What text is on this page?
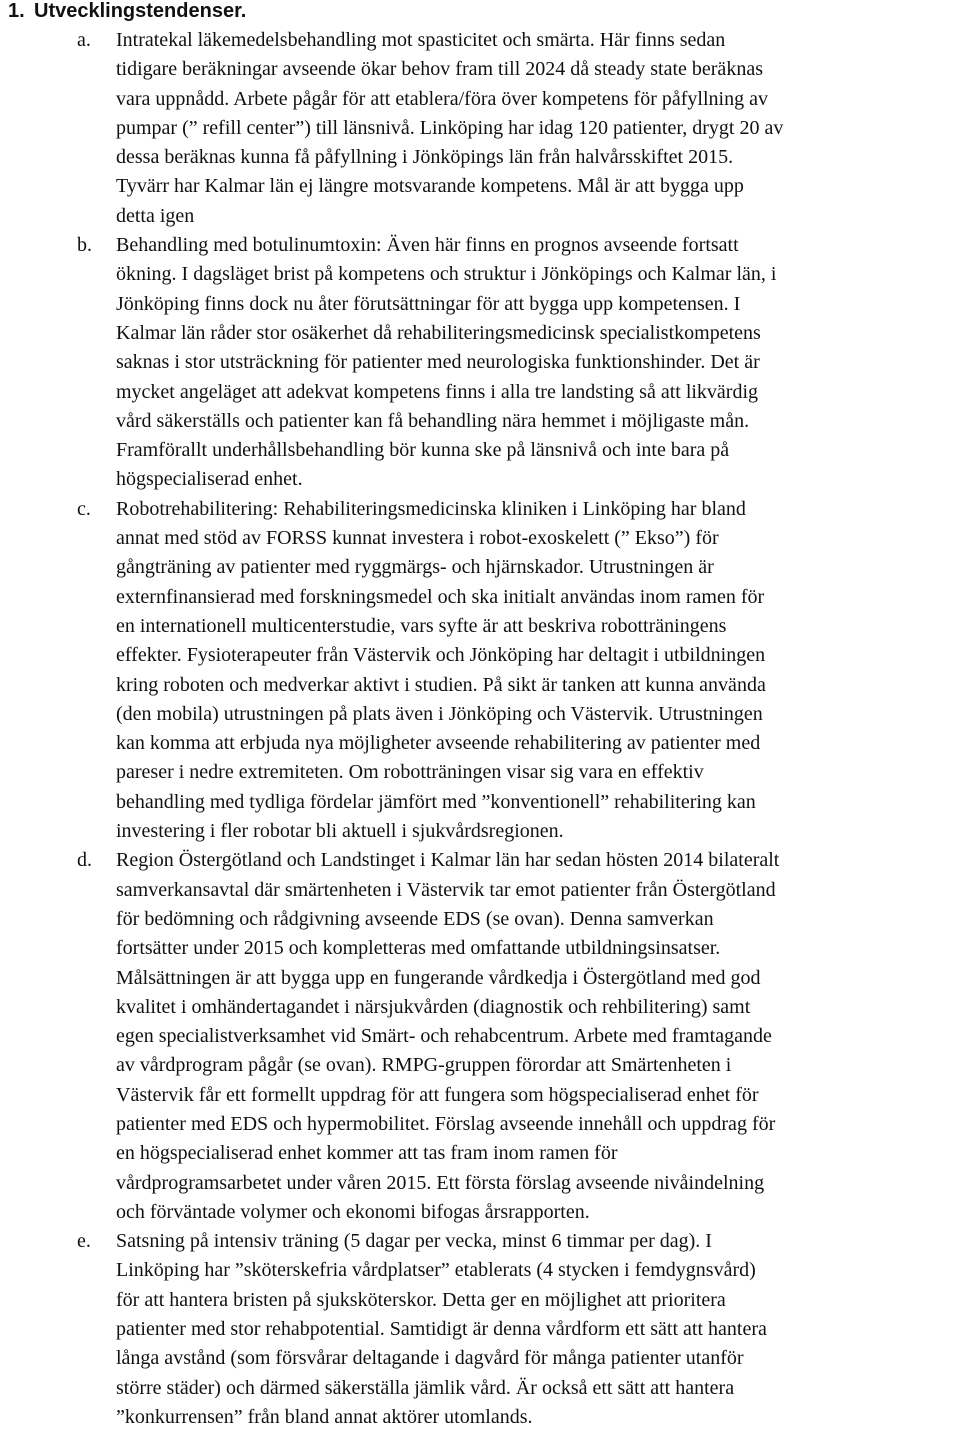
1. Utvecklingstendenser.
a. Intratekal läkemedelsbehandling mot spasticitet och smärta. Här finns sedan
tidigare beräkningar avseende ökar behov fram till 2024 då steady state beräknas
vara uppnådd. Arbete pågår för att etablera/föra över kompetens för påfyllning av
pumpar (” refill center”) till länsnivå. Linköping har idag 120 patienter, drygt 20 av
dessa beräknas kunna få påfyllning i Jönköpings län från halvårsskiftet 2015.
Tyvärr har Kalmar län ej längre motsvarande kompetens. Mål är att bygga upp
detta igen
b. Behandling med botulinumtoxin: Även här finns en prognos avseende fortsatt
ökning. I dagsläget brist på kompetens och struktur i Jönköpings och Kalmar län, i
Jönköping finns dock nu åter förutsättningar för att bygga upp kompetensen. I
Kalmar län råder stor osäkerhet då rehabiliteringsmedicinsk specialistkompetens
saknas i stor utsträckning för patienter med neurologiska funktionshinder. Det är
mycket angeläget att adekvat kompetens finns i alla tre landsting så att likvärdig
vård säkerställs och patienter kan få behandling nära hemmet i möjligaste mån.
Framförallt underhållsbehandling bör kunna ske på länsnivå och inte bara på
högspecialiserad enhet.
c. Robotrehabilitering: Rehabiliteringsmedicinska kliniken i Linköping har bland
annat med stöd av FORSS kunnat investera i robot-exoskelett (” Ekso”) för
gångträning av patienter med ryggmärgs- och hjärnskador. Utrustningen är
externfinansierad med forskningsmedel och ska initialt användas inom ramen för
en internationell multicenterstudie, vars syfte är att beskriva robotträningens
effekter. Fysioterapeuter från Västervik och Jönköping har deltagit i utbildningen
kring roboten och medverkar aktivt i studien. På sikt är tanken att kunna använda
(den mobila) utrustningen på plats även i Jönköping och Västervik. Utrustningen
kan komma att erbjuda nya möjligheter avseende rehabilitering av patienter med
pareser i nedre extremiteten. Om robotträningen visar sig vara en effektiv
behandling med tydliga fördelar jämfört med ”konventionell” rehabilitering kan
investering i fler robotar bli aktuell i sjukvårdsregionen.
d. Region Östergötland och Landstinget i Kalmar län har sedan hösten 2014 bilateralt
samverkansavtal där smärtenheten i Västervik tar emot patienter från Östergötland
för bedömning och rådgivning avseende EDS (se ovan). Denna samverkan
fortsätter under 2015 och kompletteras med omfattande utbildningsinsatser.
Målsättningen är att bygga upp en fungerande vårdkedja i Östergötland med god
kvalitet i omhändertagandet i närsjukvården (diagnostik och rehbilitering) samt
egen specialistverksamhet vid Smärt- och rehabcentrum. Arbete med framtagande
av vårdprogram pågår (se ovan). RMPG-gruppen förordar att Smärtenheten i
Västervik får ett formellt uppdrag för att fungera som högspecialiserad enhet för
patienter med EDS och hypermobilitet. Förslag avseende innehåll och uppdrag för
en högspecialiserad enhet kommer att tas fram inom ramen för
vårdprogramsarbetet under våren 2015. Ett första förslag avseende nivåindelning
och förväntade volymer och ekonomi bifogas årsrapporten.
e. Satsning på intensiv träning (5 dagar per vecka, minst 6 timmar per dag). I
Linköping har ”sköterskefria vårdplatser” etablerats (4 stycken i femdygnsvård)
för att hantera bristen på sjuksköterskor. Detta ger en möjlighet att prioritera
patienter med stor rehabpotential. Samtidigt är denna vårdform ett sätt att hantera
långa avstånd (som försvårar deltagande i dagvård för många patienter utanför
större städer) och därmed säkerställa jämlik vård. Är också ett sätt att hantera
”konkurrensen” från bland annat aktörer utomlands.
